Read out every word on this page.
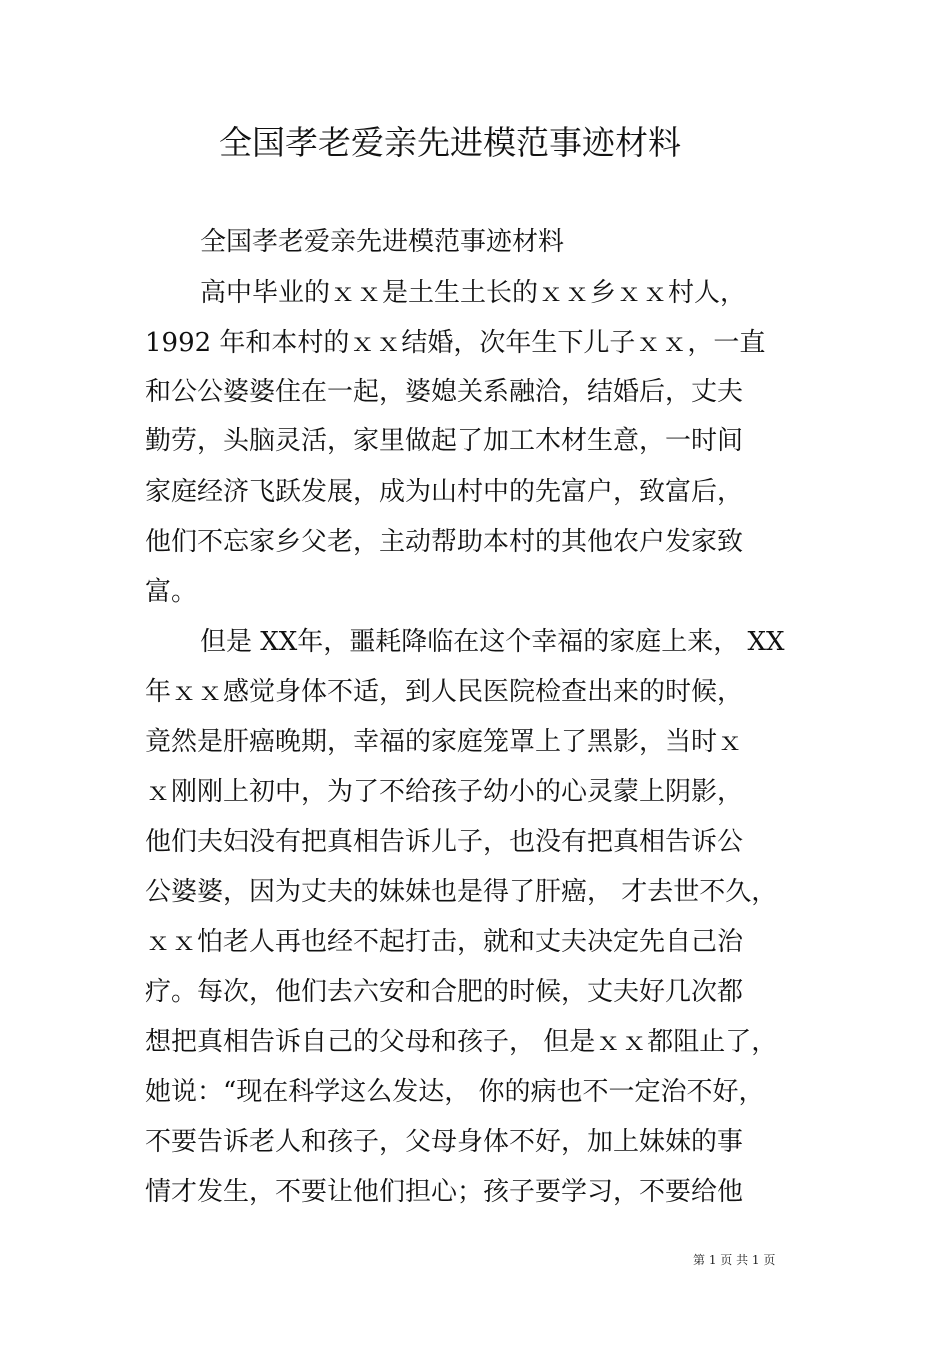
全国孝老爱亲先进模范事迹材料
全国孝老爱亲先进模范事迹材料
高中毕业的ｘｘ是土生土长的ｘｘ乡ｘｘ村人，
1992 年和本村的ｘｘ结婚，次年生下儿子ｘｘ，一直
和公公婆婆住在一起，婆媳关系融洽，结婚后，丈夫
勤劳，头脑灵活，家里做起了加工木材生意，一时间
家庭经济飞跃发展，成为山村中的先富户，致富后，
他们不忘家乡父老，主动帮助本村的其他农户发家致
富。
但是 XX年，噩耗降临在这个幸福的家庭上来， XX
年ｘｘ感觉身体不适，到人民医院检查出来的时候，
竟然是肝癌晚期，幸福的家庭笼罩上了黑影，当时ｘ
ｘ刚刚上初中，为了不给孩子幼小的心灵蒙上阴影，
他们夫妇没有把真相告诉儿子，也没有把真相告诉公
公婆婆，因为丈夫的妹妹也是得了肝癌， 才去世不久，
ｘｘ怕老人再也经不起打击，就和丈夫决定先自己治
疗。每次，他们去六安和合肥的时候，丈夫好几次都
想把真相告诉自己的父母和孩子， 但是ｘｘ都阻止了，
她说：“现在科学这么发达， 你的病也不一定治不好，
不要告诉老人和孩子，父母身体不好，加上妹妹的事
情才发生，不要让他们担心；孩子要学习，不要给他
第 1 页 共 1 页
